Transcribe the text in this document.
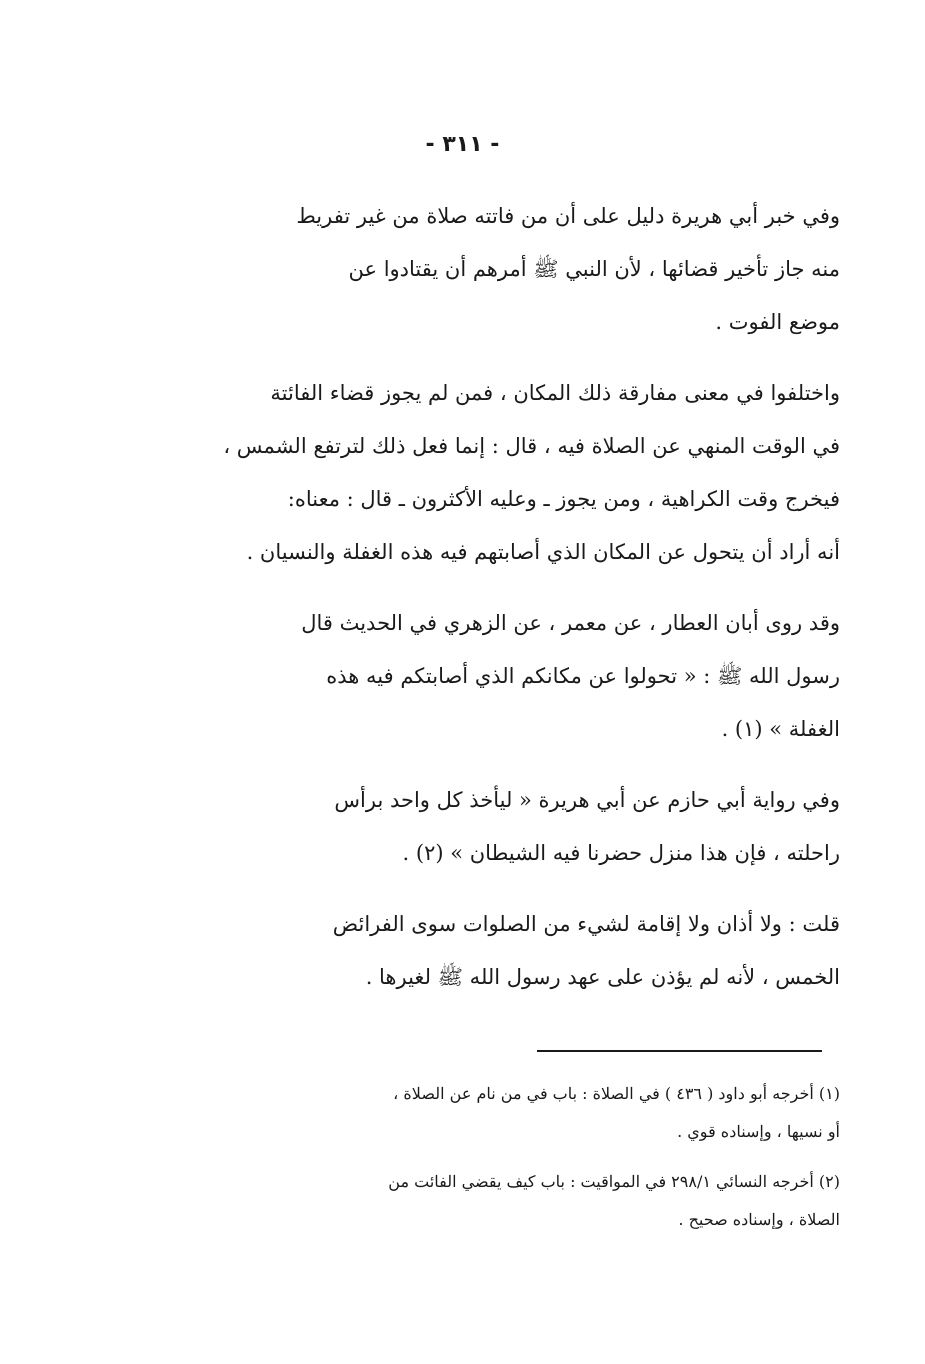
- ٣١١ -

وفي خبر أبي هريرة دليل على أن من فاتته صلاة من غير تفريط
منه جاز تأخير قضائها ، لأن النبي ﷺ أمرهم أن يقتادوا عن
موضع الفوت .

واختلفوا في معنى مفارقة ذلك المكان ، فمن لم يجوز قضاء الفائتة
في الوقت المنهي عن الصلاة فيه ، قال : إنما فعل ذلك لترتفع الشمس ،
فيخرج وقت الكراهية ، ومن يجوز ـ وعليه الأكثرون ـ قال : معناه:
أنه أراد أن يتحول عن المكان الذي أصابتهم فيه هذه الغفلة والنسيان .

وقد روى أبان العطار ، عن معمر ، عن الزهري في الحديث قال
رسول الله ﷺ : « تحولوا عن مكانكم الذي أصابتكم فيه هذه
الغفلة » (١) .

وفي رواية أبي حازم عن أبي هريرة « ليأخذ كل واحد برأس
راحلته ، فإن هذا منزل حضرنا فيه الشيطان » (٢) .

قلت : ولا أذان ولا إقامة لشيء من الصلوات سوى الفرائض
الخمس ، لأنه لم يؤذن على عهد رسول الله ﷺ لغيرها .

(١) أخرجه أبو داود ( ٤٣٦ ) في الصلاة : باب في من نام عن الصلاة ،
أو نسيها ، وإسناده قوي .

(٢) أخرجه النسائي ٢٩٨/١ في المواقيت : باب كيف يقضي الفائت من
الصلاة ، وإسناده صحيح .
